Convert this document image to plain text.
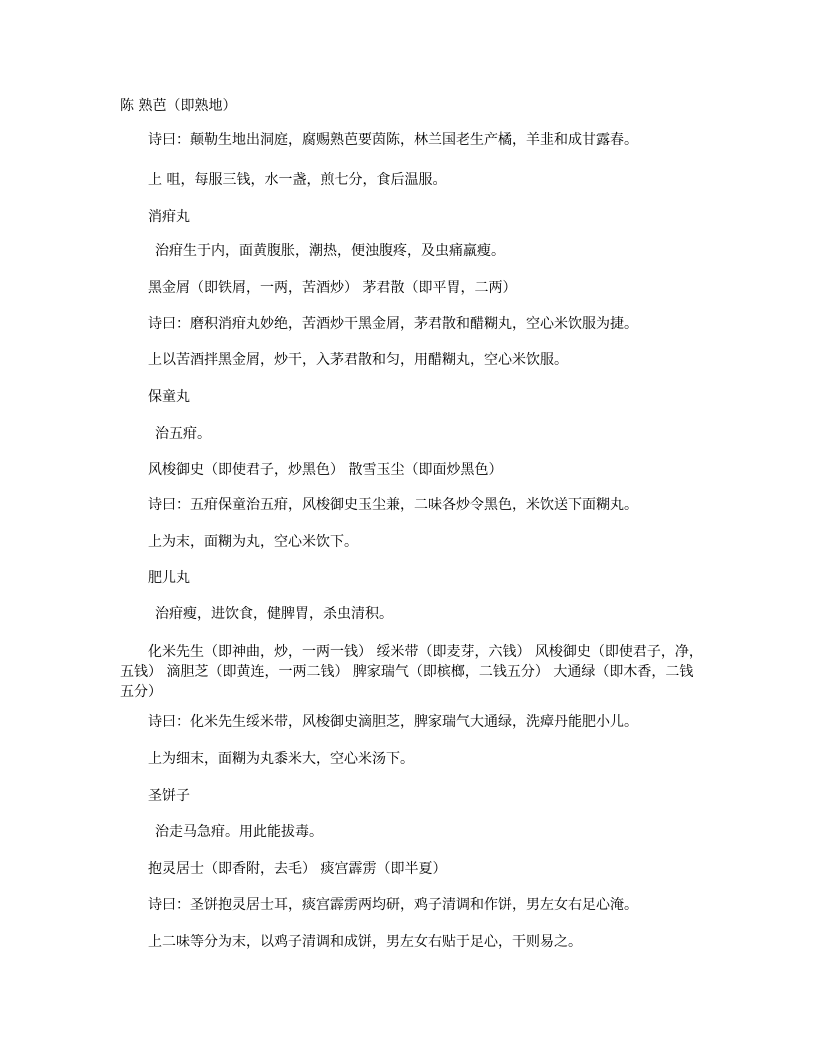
陈 熟芭（即熟地）

诗曰：颠勒生地出洞庭，腐赐熟芭要茵陈，林兰国老生产橘，羊韭和成甘露春。

上 咀，每服三钱，水一盏，煎七分，食后温服。

消疳丸

治疳生于内，面黄腹胀，潮热，便浊腹疼，及虫痛羸瘦。

黑金屑（即铁屑，一两，苦酒炒） 茅君散（即平胃，二两）

诗曰：磨积消疳丸妙绝，苦酒炒干黑金屑，茅君散和醋糊丸，空心米饮服为捷。

上以苦酒拌黑金屑，炒干，入茅君散和匀，用醋糊丸，空心米饮服。

保童丸

治五疳。

风梭御史（即使君子，炒黑色） 散雪玉尘（即面炒黑色）

诗曰：五疳保童治五疳，风梭御史玉尘兼，二味各炒令黑色，米饮送下面糊丸。

上为末，面糊为丸，空心米饮下。

肥儿丸

治疳瘦，进饮食，健脾胃，杀虫清积。

化米先生（即神曲，炒，一两一钱） 绥米带（即麦芽，六钱） 风梭御史（即使君子，净，五钱） 滴胆芝（即黄连，一两二钱） 脾家瑞气（即槟榔，二钱五分） 大通绿（即木香，二钱五分）

诗曰：化米先生绥米带，风梭御史滴胆芝，脾家瑞气大通绿，洗瘴丹能肥小儿。

上为细末，面糊为丸黍米大，空心米汤下。

圣饼子

治走马急疳。用此能拔毒。

抱灵居士（即香附，去毛） 痰宫霹雳（即半夏）

诗曰：圣饼抱灵居士耳，痰宫霹雳两均研，鸡子清调和作饼，男左女右足心淹。

上二味等分为末，以鸡子清调和成饼，男左女右贴于足心，干则易之。
